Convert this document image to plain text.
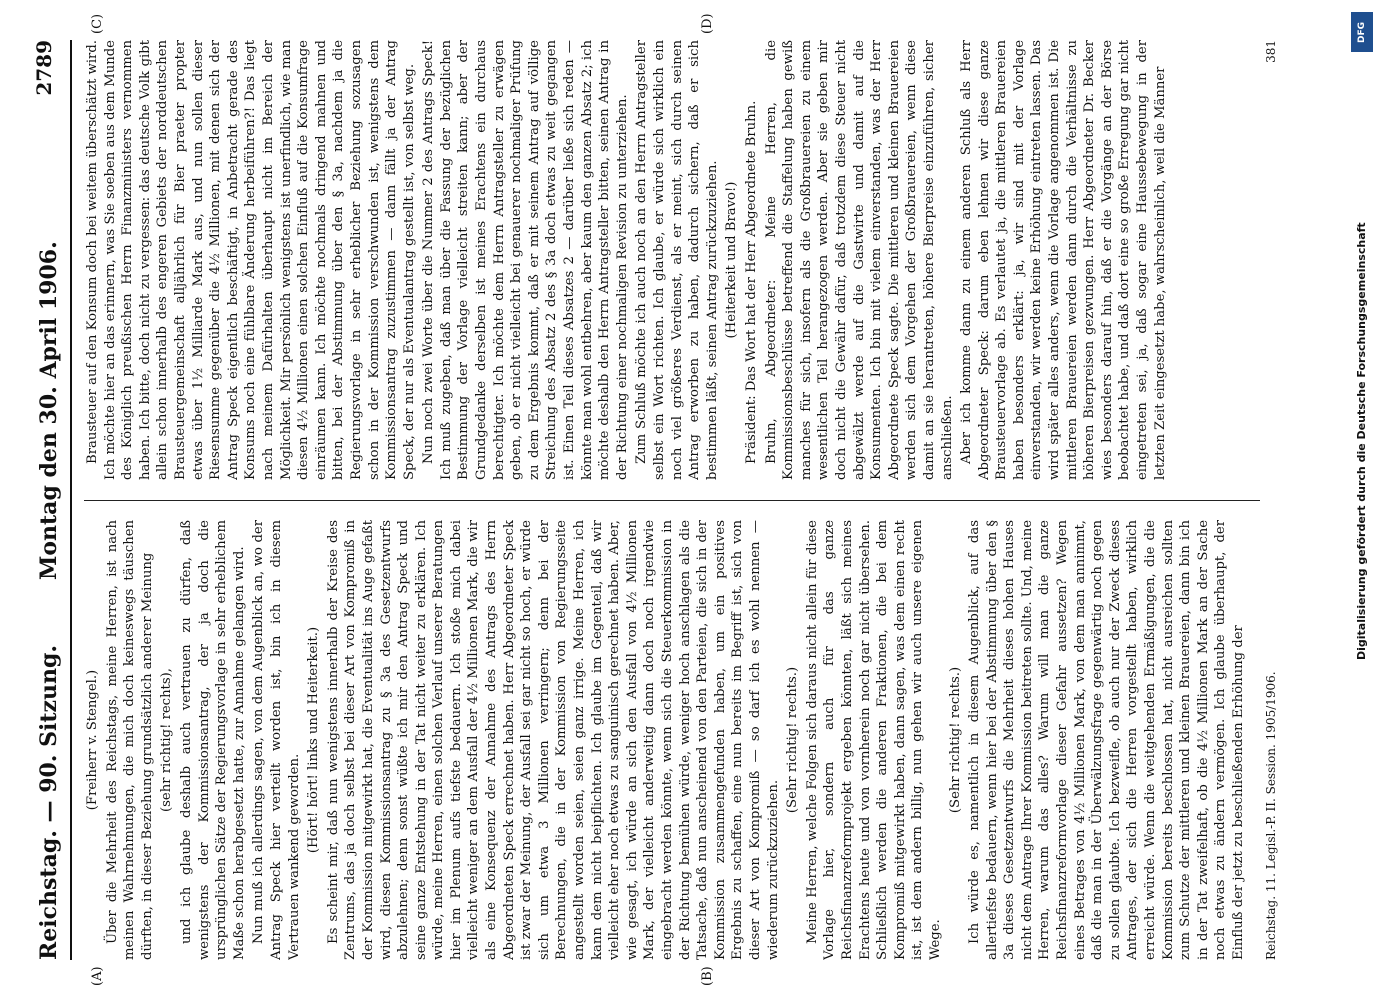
Reichstag. — 90. Sitzung.
Montag den 30. April 1906.
2789
(A)	(B)
(C)	(D)

(Freiherr v. Stengel.) Über die Mehrheit des Reichstags, meine Herren, ist nach meinen Wahrnehmungen, die mich doch keineswegs täuschen dürften, in dieser Beziehung grundsätzlich anderer Meinung (sehr richtig! rechts), und ich glaube deshalb auch vertrauen zu dürfen, daß wenigstens der Kommissionsantrag, der ja doch die ursprünglichen Sätze der Regierungsvorlage in sehr erheblichem Maße schon herabgesetzt hatte, zur Annahme gelangen wird. Nun muß ich allerdings sagen, von dem Augenblick an, wo der Antrag Speck hier verteilt worden ist, bin ich in diesem Vertrauen wankend geworden.

(Hört! hört! links und Heiterkeit.) Es scheint mir, daß nun wenigstens innerhalb der Kreise des Zentrums, das ja doch selbst bei dieser Art von Kompromiß in der Kommission mitgewirkt hat, die Eventualität ins Auge gefaßt wird, diesen Kommissionsantrag zu § 3a des Gesetzentwurfs abzulehnen; denn sonst wüßte ich mir den Antrag Speck und seine ganze Entstehung in der Tat nicht weiter zu erklären. Ich würde, meine Herren, einen solchen Verlauf unserer Beratungen hier im Plenum aufs tiefste bedauern. Ich stoße mich dabei vielleicht weniger an dem Ausfall der 4½ Millionen Mark, die wir als eine Konsequenz der Annahme des Antrags des Herrn Abgeordneten Speck errechnet haben. Herr Abgeordneter Speck ist zwar der Meinung, der Ausfall sei gar nicht so hoch, er würde sich um etwa 3 Millionen verringern; denn bei der Berechnungen, die in der Kommission von Regierungsseite angestellt worden seien, seien ganz irrige. Meine Herren, ich kann dem nicht beipflichten. Ich glaube im Gegenteil, daß wir vielleicht eher noch etwas zu sanguinisch gerechnet haben. Aber, wie gesagt, ich würde an sich den Ausfall von 4½ Millionen Mark, der vielleicht anderweitig dann doch noch irgendwie eingebracht werden könnte, wenn sich die Steuerkommission in der Richtung bemühen würde, weniger hoch anschlagen als die Tatsache, daß nun anscheinend von den Parteien, die sich in der Kommission zusammengefunden haben, um ein positives Ergebnis zu schaffen, eine nun bereits im Begriff ist, sich von dieser Art von Kompromiß — so darf ich es wohl nennen — wiederum zurückzuziehen.

(Sehr richtig! rechts.) Meine Herren, welche Folgen sich daraus nicht allein für diese Vorlage hier, sondern auch für das ganze Reichsfinanzreformprojekt ergeben könnten, läßt sich meines Erachtens heute und von vornherein noch gar nicht übersehen. Schließlich werden die anderen Fraktionen, die bei dem Kompromiß mitgewirkt haben, dann sagen, was dem einen recht ist, ist dem andern billig, nun gehen wir auch unsere eigenen Wege.

(Sehr richtig! rechts.) Ich würde es, namentlich in diesem Augenblick, auf das allertiefste bedauern, wenn hier bei der Abstimmung über den § 3a dieses Gesetzentwurfs die Mehrheit dieses hohen Hauses nicht dem Antrage Ihrer Kommission beitreten sollte. Und, meine Herren, warum das alles? Warum will man die ganze Reichsfinanzreformvorlage dieser Gefahr aussetzen? Wegen eines Betrages von 4½ Millionen Mark, von dem man annimmt, daß die man in der Überwälzungsfrage gegenwärtig noch gegen zu sollen glaubte. Ich bezweifle, ob auch nur der Zweck dieses Antrages, der sich die Herren vorgestellt haben, wirklich erreicht würde. Wenn die weitgehenden Ermäßigungen, die die Kommission bereits beschlossen hat, nicht ausreichen sollten zum Schutze der mittleren und kleinen Brauereien, dann bin ich in der Tat zweifelhaft, ob die 4½ Millionen Mark an der Sache noch etwas zu ändern vermögen. Ich glaube überhaupt, der Einfluß der jetzt zu beschließenden Erhöhung der

Brausteuer auf den Konsum doch bei weitem überschätzt wird. Ich möchte hier an das erinnern, was Sie soeben aus dem Munde des Königlich preußischen Herrn Finanzministers vernommen haben. Ich bitte, doch nicht zu vergessen: das deutsche Volk gibt allein schon innerhalb des engeren Gebiets der norddeutschen Brausteuergemeinschaft alljährlich für Bier praeter propter etwas über 1½ Milliarde Mark aus, und nun sollen dieser Riesensumme gegenüber die 4½ Millionen, mit denen sich der Antrag Speck eigentlich beschäftigt, in Anbetracht gerade des Konsums noch eine fühlbare Änderung herbeiführen?! Das liegt nach meinem Dafürhalten überhaupt nicht im Bereich der Möglichkeit. Mir persönlich wenigstens ist unerfindlich, wie man diesen 4½ Millionen einen solchen Einfluß auf die Konsumfrage einräumen kann. Ich möchte nochmals dringend mahnen und bitten, bei der Abstimmung über den § 3a, nachdem ja die Regierungsvorlage in sehr erheblicher Beziehung sozusagen schon in der Kommission verschwunden ist, wenigstens dem Kommissionsantrag zuzustimmen — dann fällt ja der Antrag Speck, der nur als Eventualantrag gestellt ist, von selbst weg. Nun noch zwei Worte über die Nummer 2 des Antrags Speck! Ich muß zugeben, daß man über die Fassung der bezüglichen Bestimmung der Vorlage vielleicht streiten kann; aber der Grundgedanke derselben ist meines Erachtens ein durchaus berechtigter. Ich möchte dem Herrn Antragsteller zu erwägen geben, ob er nicht vielleicht bei genauerer nochmaliger Prüfung zu dem Ergebnis kommt, daß er mit seinem Antrag auf völlige Streichung des Absatz 2 des § 3a doch etwas zu weit gegangen ist. Einen Teil dieses Absatzes 2 — darüber ließe sich reden — könnte man wohl entbehren, aber kaum den ganzen Absatz 2; ich möchte deshalb den Herrn Antragsteller bitten, seinen Antrag in der Richtung einer nochmaligen Revision zu unterziehen. Zum Schluß möchte ich auch noch an den Herrn Antragsteller selbst ein Wort richten. Ich glaube, er würde sich wirklich ein noch viel größeres Verdienst, als er meint, sich durch seinen Antrag erworben zu haben, dadurch sichern, daß er sich bestimmen läßt, seinen Antrag zurückzuziehen. (Heiterkeit und Bravo!) Präsident: Das Wort hat der Herr Abgeordnete Bruhn. Bruhn, Abgeordneter: Meine Herren, die Kommissionsbeschlüsse betreffend die Staffelung haben gewiß manches für sich, insofern als die Großbrauereien zu einem wesentlichen Teil herangezogen werden. Aber sie geben mir doch nicht die Gewähr dafür, daß trotzdem diese Steuer nicht abgewälzt werde auf die Gastwirte und damit auf die Konsumenten. Ich bin mit vielem einverstanden, was der Herr Abgeordnete Speck sagte. Die mittleren und kleinen Brauereien werden sich dem Vorgehen der Großbrauereien, wenn diese damit an sie herantreten, höhere Bierpreise einzuführen, sicher anschließen. Aber ich komme dann zu einem anderen Schluß als Herr Abgeordneter Speck: darum eben lehnen wir diese ganze Brausteuervorlage ab. Es verlautet ja, die mittleren Brauereien haben besonders erklärt: ja, wir sind mit der Vorlage einverstanden, wir werden keine Erhöhung eintreten lassen. Das wird später alles anders, wenn die Vorlage angenommen ist. Die mittleren Brauereien werden dann durch die Verhältnisse zu höheren Bierpreisen gezwungen. Herr Abgeordneter Dr. Becker wies besonders darauf hin, daß er die Vorgänge an der Börse beobachtet habe, und daß dort eine so große Erregung gar nicht eingetreten sei, ja, daß sogar eine Haussebewegung in der letzten Zeit eingesetzt habe, wahrscheinlich, weil die Männer

Reichstag. 11. Legisl.-P. II. Session. 1905/1906.
381
DFG
Digitalisierung gefördert durch die Deutsche Forschungsgemeinschaft
